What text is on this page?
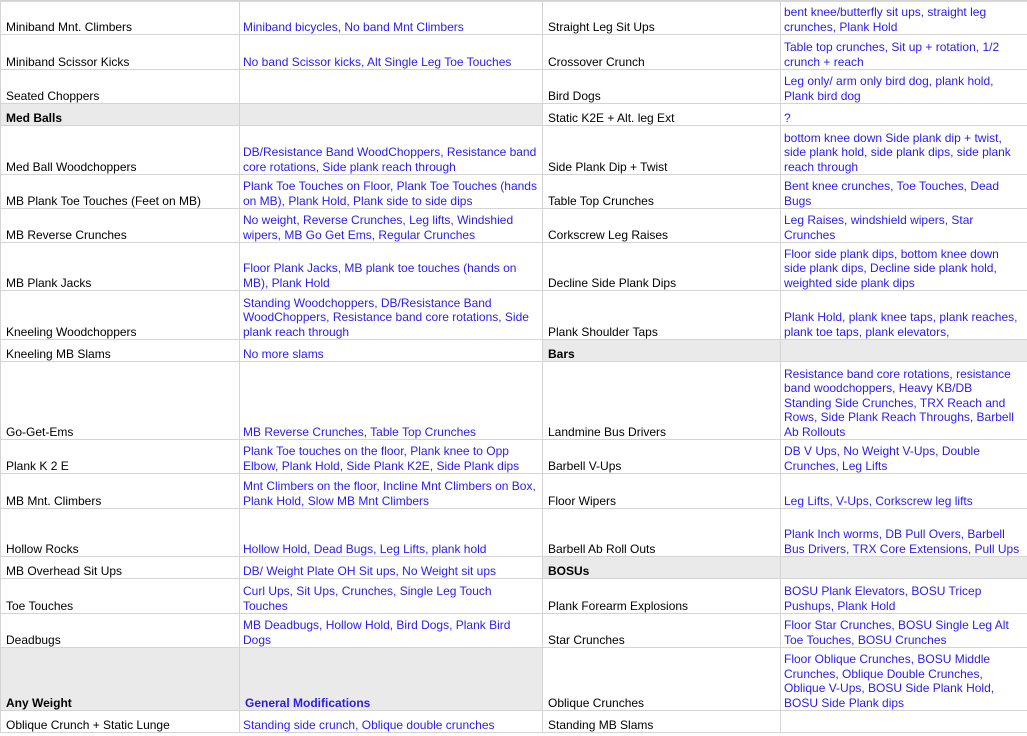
Miniband Mnt. Climbers	Miniband bicycles, No band Mnt Climbers	Straight Leg Sit Ups	bent knee/butterfly sit ups, straight leg crunches, Plank Hold
Miniband Scissor Kicks	No band Scissor kicks, Alt Single Leg Toe Touches	Crossover Crunch	Table top crunches, Sit up + rotation, 1/2 crunch + reach
Seated Choppers		Bird Dogs	Leg only/ arm only bird dog, plank hold, Plank bird dog
Med Balls		Static K2E + Alt. leg Ext	?
Med Ball Woodchoppers	DB/Resistance Band WoodChoppers, Resistance band core rotations, Side plank reach through	Side Plank Dip + Twist	bottom knee down Side plank dip + twist, side plank hold, side plank dips, side plank reach through
MB Plank Toe Touches (Feet on MB)	Plank Toe Touches on Floor, Plank Toe Touches (hands on MB), Plank Hold, Plank side to side dips	Table Top Crunches	Bent knee crunches, Toe Touches, Dead Bugs
MB Reverse Crunches	No weight, Reverse Crunches, Leg lifts, Windshied wipers, MB Go Get Ems, Regular Crunches	Corkscrew Leg Raises	Leg Raises, windshield wipers, Star Crunches
MB Plank Jacks	Floor Plank Jacks, MB plank toe touches (hands on MB), Plank Hold	Decline Side Plank Dips	Floor side plank dips, bottom knee down side plank dips, Decline side plank hold, weighted side plank dips
Kneeling Woodchoppers	Standing Woodchoppers, DB/Resistance Band WoodChoppers, Resistance band core rotations, Side plank reach through	Plank Shoulder Taps	Plank Hold, plank knee taps, plank reaches, plank toe taps, plank elevators,
Kneeling MB Slams	No more slams	Bars	
Go-Get-Ems	MB Reverse Crunches, Table Top Crunches	Landmine Bus Drivers	Resistance band core rotations, resistance band woodchoppers, Heavy KB/DB Standing Side Crunches, TRX Reach and Rows, Side Plank Reach Throughs, Barbell Ab Rollouts
Plank K 2 E	Plank Toe touches on the floor, Plank knee to Opp Elbow, Plank Hold, Side Plank K2E, Side Plank dips	Barbell V-Ups	DB V Ups, No Weight V-Ups, Double Crunches, Leg Lifts
MB Mnt. Climbers	Mnt Climbers on the floor, Incline Mnt Climbers on Box, Plank Hold, Slow MB Mnt Climbers	Floor Wipers	Leg Lifts, V-Ups, Corkscrew leg lifts
Hollow Rocks	Hollow Hold, Dead Bugs, Leg Lifts, plank hold	Barbell Ab Roll Outs	Plank Inch worms, DB Pull Overs, Barbell Bus Drivers, TRX Core Extensions, Pull Ups
MB Overhead Sit Ups	DB/ Weight Plate OH Sit ups, No Weight sit ups	BOSUs	
Toe Touches	Curl Ups, Sit Ups, Crunches, Single Leg Touch Touches	Plank Forearm Explosions	BOSU Plank Elevators, BOSU Tricep Pushups, Plank Hold
Deadbugs	MB Deadbugs, Hollow Hold, Bird Dogs, Plank Bird Dogs	Star Crunches	Floor Star Crunches, BOSU Single Leg Alt Toe Touches, BOSU Crunches
Any Weight	General Modifications	Oblique Crunches	Floor Oblique Crunches, BOSU Middle Crunches, Oblique Double Crunches, Oblique V-Ups, BOSU Side Plank Hold, BOSU Side Plank dips
Oblique Crunch + Static Lunge	Standing side crunch, Oblique double crunches	Standing MB Slams	
